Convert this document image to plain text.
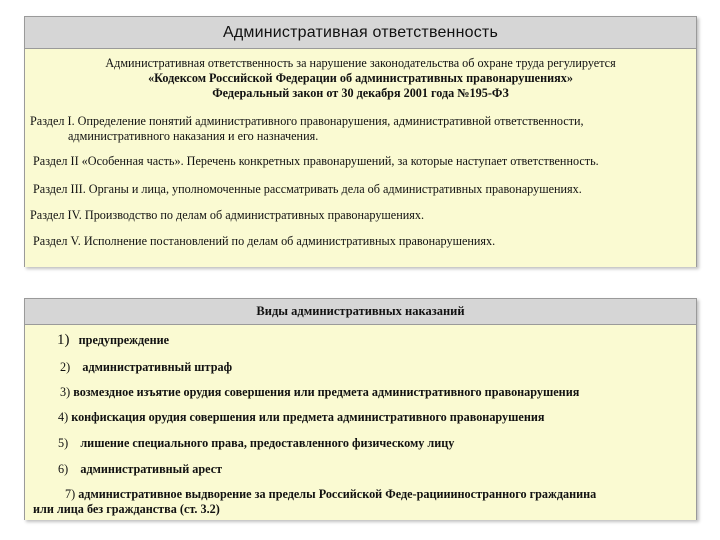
Административная ответственность
Административная ответственность за нарушение законодательства об охране труда регулируется
«Кодексом Российской Федерации об административных правонарушениях»
Федеральный закон от 30 декабря 2001 года №195-ФЗ
Раздел I. Определение понятий административного правонарушения, административной ответственности,
административного наказания и его назначения.
Раздел II «Особенная часть». Перечень конкретных правонарушений, за которые наступает ответственность.
Раздел III. Органы и лица, уполномоченные рассматривать дела об административных правонарушениях.
Раздел IV. Производство по делам об административных правонарушениях.
Раздел V. Исполнение постановлений по делам об административных правонарушениях.
Виды административных наказаний
1) предупреждение
2) административный штраф
3) возмездное изъятие орудия совершения или предмета административного правонарушения
4) конфискация орудия совершения или предмета административного правонарушения
5) лишение специального права, предоставленного физическому лицу
6) административный арест
7) административное выдворение за пределы Российской Феде-рациииностранного гражданина
или лица без гражданства (ст. 3.2)
